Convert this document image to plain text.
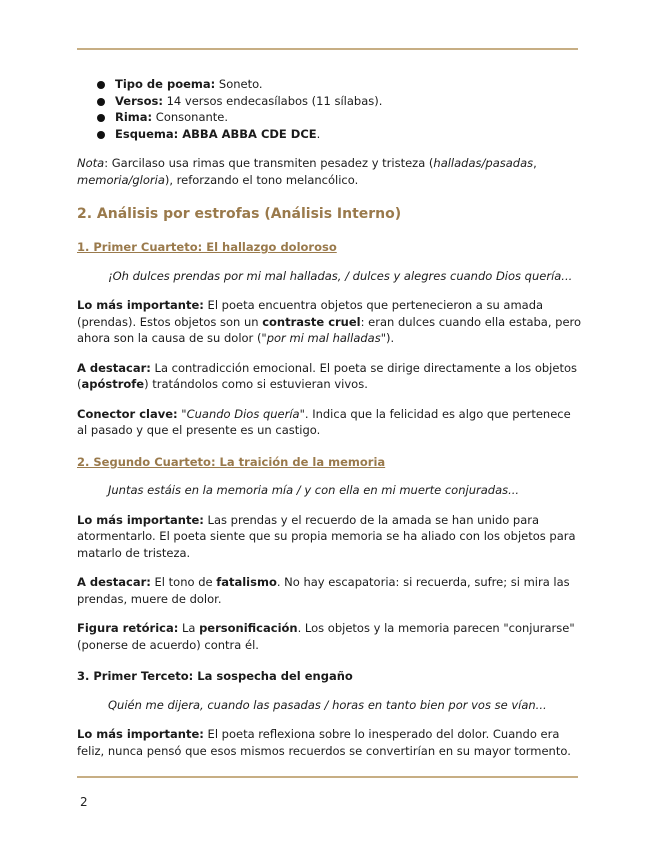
Tipo de poema: Soneto.
Versos: 14 versos endecasílabos (11 sílabas).
Rima: Consonante.
Esquema: ABBA ABBA CDE DCE.

Nota: Garcilaso usa rimas que transmiten pesadez y tristeza (halladas/pasadas, memoria/gloria), reforzando el tono melancólico.

2. Análisis por estrofas (Análisis Interno)
1. Primer Cuarteto: El hallazgo doloroso
¡Oh dulces prendas por mi mal halladas, / dulces y alegres cuando Dios quería...

Lo más importante: El poeta encuentra objetos que pertenecieron a su amada (prendas). Estos objetos son un contraste cruel: eran dulces cuando ella estaba, pero ahora son la causa de su dolor ("por mi mal halladas").

A destacar: La contradicción emocional. El poeta se dirige directamente a los objetos (apóstrofe) tratándolos como si estuvieran vivos.

Conector clave: "Cuando Dios quería". Indica que la felicidad es algo que pertenece al pasado y que el presente es un castigo.

2. Segundo Cuarteto: La traición de la memoria
Juntas estáis en la memoria mía / y con ella en mi muerte conjuradas...

Lo más importante: Las prendas y el recuerdo de la amada se han unido para atormentarlo. El poeta siente que su propia memoria se ha aliado con los objetos para matarlo de tristeza.

A destacar: El tono de fatalismo. No hay escapatoria: si recuerda, sufre; si mira las prendas, muere de dolor.

Figura retórica: La personificación. Los objetos y la memoria parecen "conjurarse" (ponerse de acuerdo) contra él.

3. Primer Terceto: La sospecha del engaño
Quién me dijera, cuando las pasadas / horas en tanto bien por vos se vían...

Lo más importante: El poeta reflexiona sobre lo inesperado del dolor. Cuando era feliz, nunca pensó que esos mismos recuerdos se convertirían en su mayor tormento.

2
